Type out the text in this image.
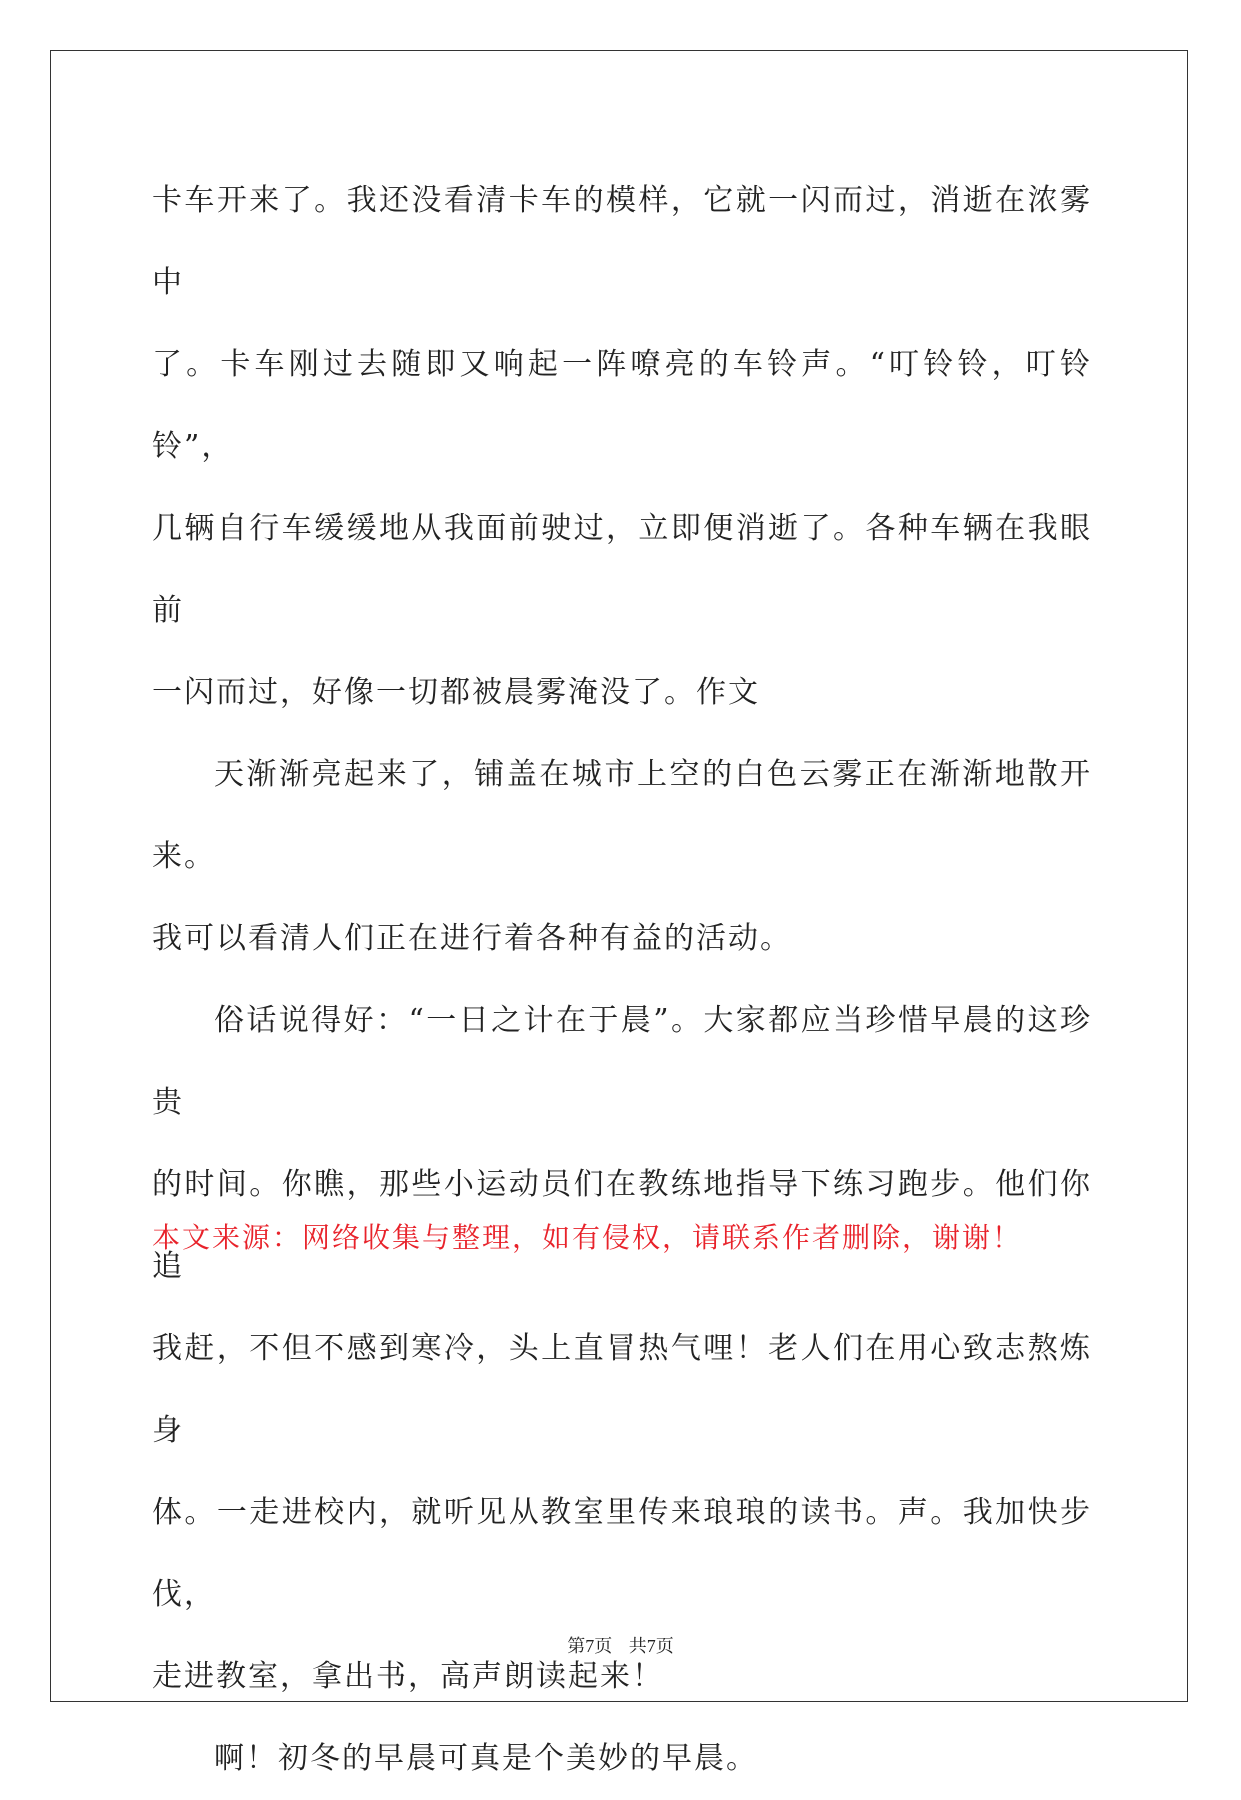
卡车开来了。我还没看清卡车的模样，它就一闪而过，消逝在浓雾中
了。卡车刚过去随即又响起一阵嘹亮的车铃声。“叮铃铃，叮铃铃”，
几辆自行车缓缓地从我面前驶过，立即便消逝了。各种车辆在我眼前
一闪而过，好像一切都被晨雾淹没了。作文

天渐渐亮起来了，铺盖在城市上空的白色云雾正在渐渐地散开来。
我可以看清人们正在进行着各种有益的活动。

俗话说得好：“一日之计在于晨”。大家都应当珍惜早晨的这珍贵
的时间。你瞧，那些小运动员们在教练地指导下练习跑步。他们你追
我赶，不但不感到寒冷，头上直冒热气哩！老人们在用心致志熬炼身
体。一走进校内，就听见从教室里传来琅琅的读书。声。我加快步伐，
走进教室，拿出书，高声朗读起来！

啊！初冬的早晨可真是个美妙的早晨。

本文来源：网络收集与整理，如有侵权，请联系作者删除，谢谢！

第7页 共7页
